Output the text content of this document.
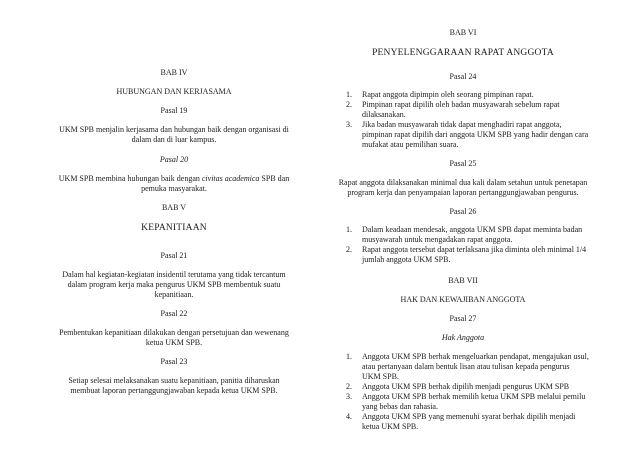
BAB IV

HUBUNGAN DAN KERJASAMA

Pasal 19

UKM SPB menjalin kerjasama dan hubungan baik dengan organisasi di dalam dan di luar kampus.

Pasal 20

UKM SPB membina hubungan baik dengan civitas academica SPB dan pemuka masyarakat.

BAB V

KEPANITIAAN

Pasal 21

Dalam hal kegiatan-kegiatan insidentil terutama yang tidak tercantum dalam program kerja maka pengurus UKM SPB membentuk suatu kepanitiaan.

Pasal 22

Pembentukan kepanitiaan dilakukan dengan persetujuan dan wewenang ketua UKM SPB.

Pasal 23

Setiap selesai melaksanakan suatu kepanitiaan, panitia diharuskan membuat laporan pertanggungjawaban kepada ketua UKM SPB.

BAB VI

PENYELENGGARAAN RAPAT ANGGOTA

Pasal 24

1. Rapat anggota dipimpin oleh seorang pimpinan rapat.
2. Pimpinan rapat dipilih oleh badan musyawarah sebelum rapat dilaksanakan.
3. Jika badan musyawarah tidak dapat menghadiri rapat anggota, pimpinan rapat dipilih dari anggota UKM SPB yang hadir dengan cara mufakat atau pemilihan suara.

Pasal 25

Rapat anggota dilaksanakan minimal dua kali dalam setahun untuk penetapan program kerja dan penyampaian laporan pertanggungjawaban pengurus.

Pasal 26

1. Dalam keadaan mendesak, anggota UKM SPB dapat meminta badan musyawarah untuk mengadakan rapat anggota.
2. Rapat anggota tersebut dapat terlaksana jika diminta oleh minimal 1/4 jumlah anggota UKM SPB.

BAB VII

HAK DAN KEWAJIBAN ANGGOTA

Pasal 27

Hak Anggota

1. Anggota UKM SPB berhak mengeluarkan pendapat, mengajukan usul, atau pertanyaan dalam bentuk lisan atau tulisan kepada pengurus UKM SPB.
2. Anggota UKM SPB berhak dipilih menjadi pengurus UKM SPB
3. Anggota UKM SPB berhak memilih ketua UKM SPB melalui pemilu yang bebas dan rahasia.
4. Anggota UKM SPB yang memenuhi syarat berhak dipilih menjadi ketua UKM SPB.
